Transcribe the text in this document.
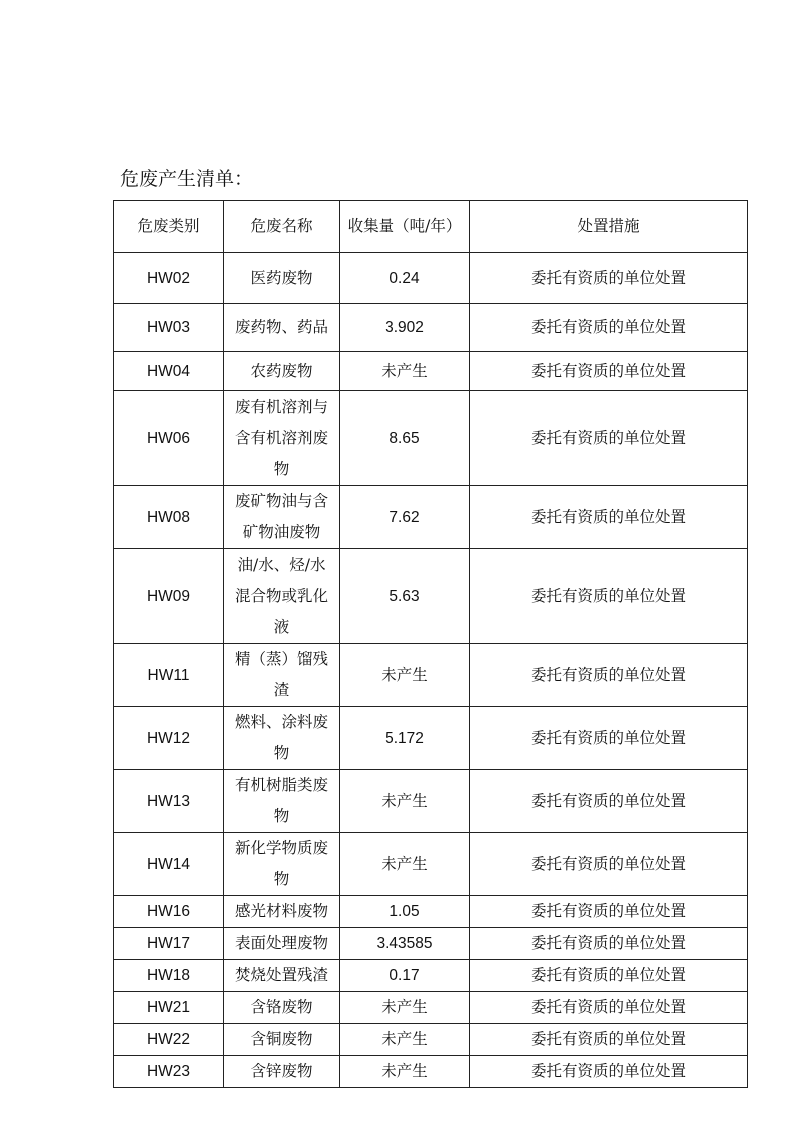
危废产生清单：
危废类别	危废名称	收集量（吨/年）	处置措施
HW02	医药废物	0.24	委托有资质的单位处置
HW03	废药物、药品	3.902	委托有资质的单位处置
HW04	农药废物	未产生	委托有资质的单位处置
HW06	废有机溶剂与含有机溶剂废物	8.65	委托有资质的单位处置
HW08	废矿物油与含矿物油废物	7.62	委托有资质的单位处置
HW09	油/水、烃/水混合物或乳化液	5.63	委托有资质的单位处置
HW11	精（蒸）馏残渣	未产生	委托有资质的单位处置
HW12	燃料、涂料废物	5.172	委托有资质的单位处置
HW13	有机树脂类废物	未产生	委托有资质的单位处置
HW14	新化学物质废物	未产生	委托有资质的单位处置
HW16	感光材料废物	1.05	委托有资质的单位处置
HW17	表面处理废物	3.43585	委托有资质的单位处置
HW18	焚烧处置残渣	0.17	委托有资质的单位处置
HW21	含铬废物	未产生	委托有资质的单位处置
HW22	含铜废物	未产生	委托有资质的单位处置
HW23	含锌废物	未产生	委托有资质的单位处置
